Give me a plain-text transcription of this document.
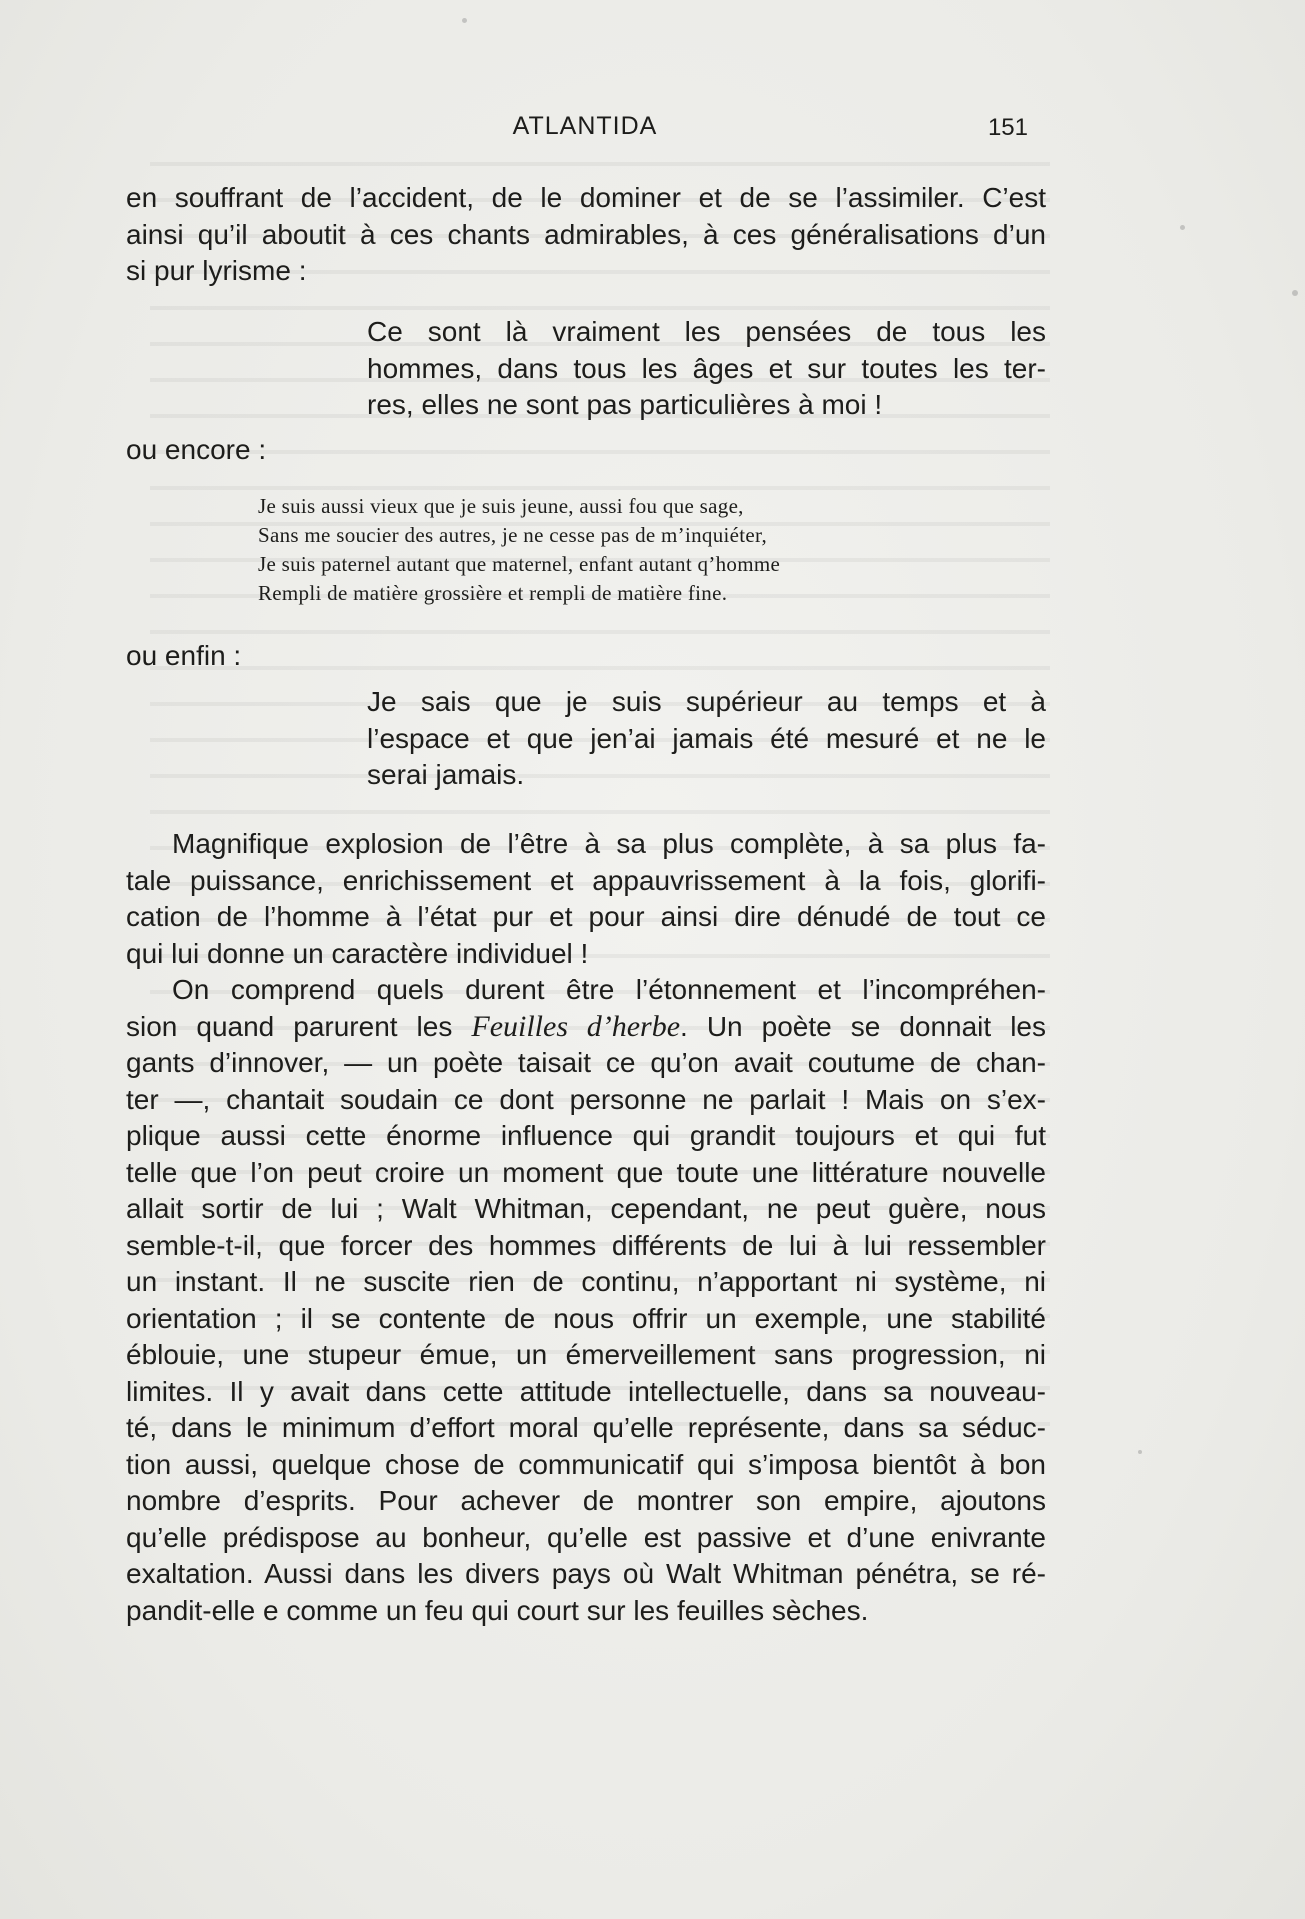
ATLANTIDA	151
en souffrant de l’accident, de le dominer et de se l’assimiler. C’est
ainsi qu’il aboutit à ces chants admirables, à ces généralisations d’un
si pur lyrisme :
Ce sont là vraiment les pensées de tous les
hommes, dans tous les âges et sur toutes les ter-
res, elles ne sont pas particulières à moi !
ou encore :
Je suis aussi vieux que je suis jeune, aussi fou que sage,
Sans me soucier des autres, je ne cesse pas de m’inquiéter,
Je suis paternel autant que maternel, enfant autant q’homme
Rempli de matière grossière et rempli de matière fine.
ou enfin :
Je sais que je suis supérieur au temps et à
l’espace et que jen’ai jamais été mesuré et ne le
serai jamais.
Magnifique explosion de l’être à sa plus complète, à sa plus fa-
tale puissance, enrichissement et appauvrissement à la fois, glorifi-
cation de l’homme à l’état pur et pour ainsi dire dénudé de tout ce
qui lui donne un caractère individuel !
On comprend quels durent être l’étonnement et l’incompréhen-
sion quand parurent les Feuilles d’herbe. Un poète se donnait les
gants d’innover, — un poète taisait ce qu’on avait coutume de chan-
ter —, chantait soudain ce dont personne ne parlait ! Mais on s’ex-
plique aussi cette énorme influence qui grandit toujours et qui fut
telle que l’on peut croire un moment que toute une littérature nouvelle
allait sortir de lui ; Walt Whitman, cependant, ne peut guère, nous
semble-t-il, que forcer des hommes différents de lui à lui ressembler
un instant. Il ne suscite rien de continu, n’apportant ni système, ni
orientation ; il se contente de nous offrir un exemple, une stabilité
éblouie, une stupeur émue, un émerveillement sans progression, ni
limites. Il y avait dans cette attitude intellectuelle, dans sa nouveau-
té, dans le minimum d’effort moral qu’elle représente, dans sa séduc-
tion aussi, quelque chose de communicatif qui s’imposa bientôt à bon
nombre d’esprits. Pour achever de montrer son empire, ajoutons
qu’elle prédispose au bonheur, qu’elle est passive et d’une enivrante
exaltation. Aussi dans les divers pays où Walt Whitman pénétra, se ré-
pandit-elle e comme un feu qui court sur les feuilles sèches.
